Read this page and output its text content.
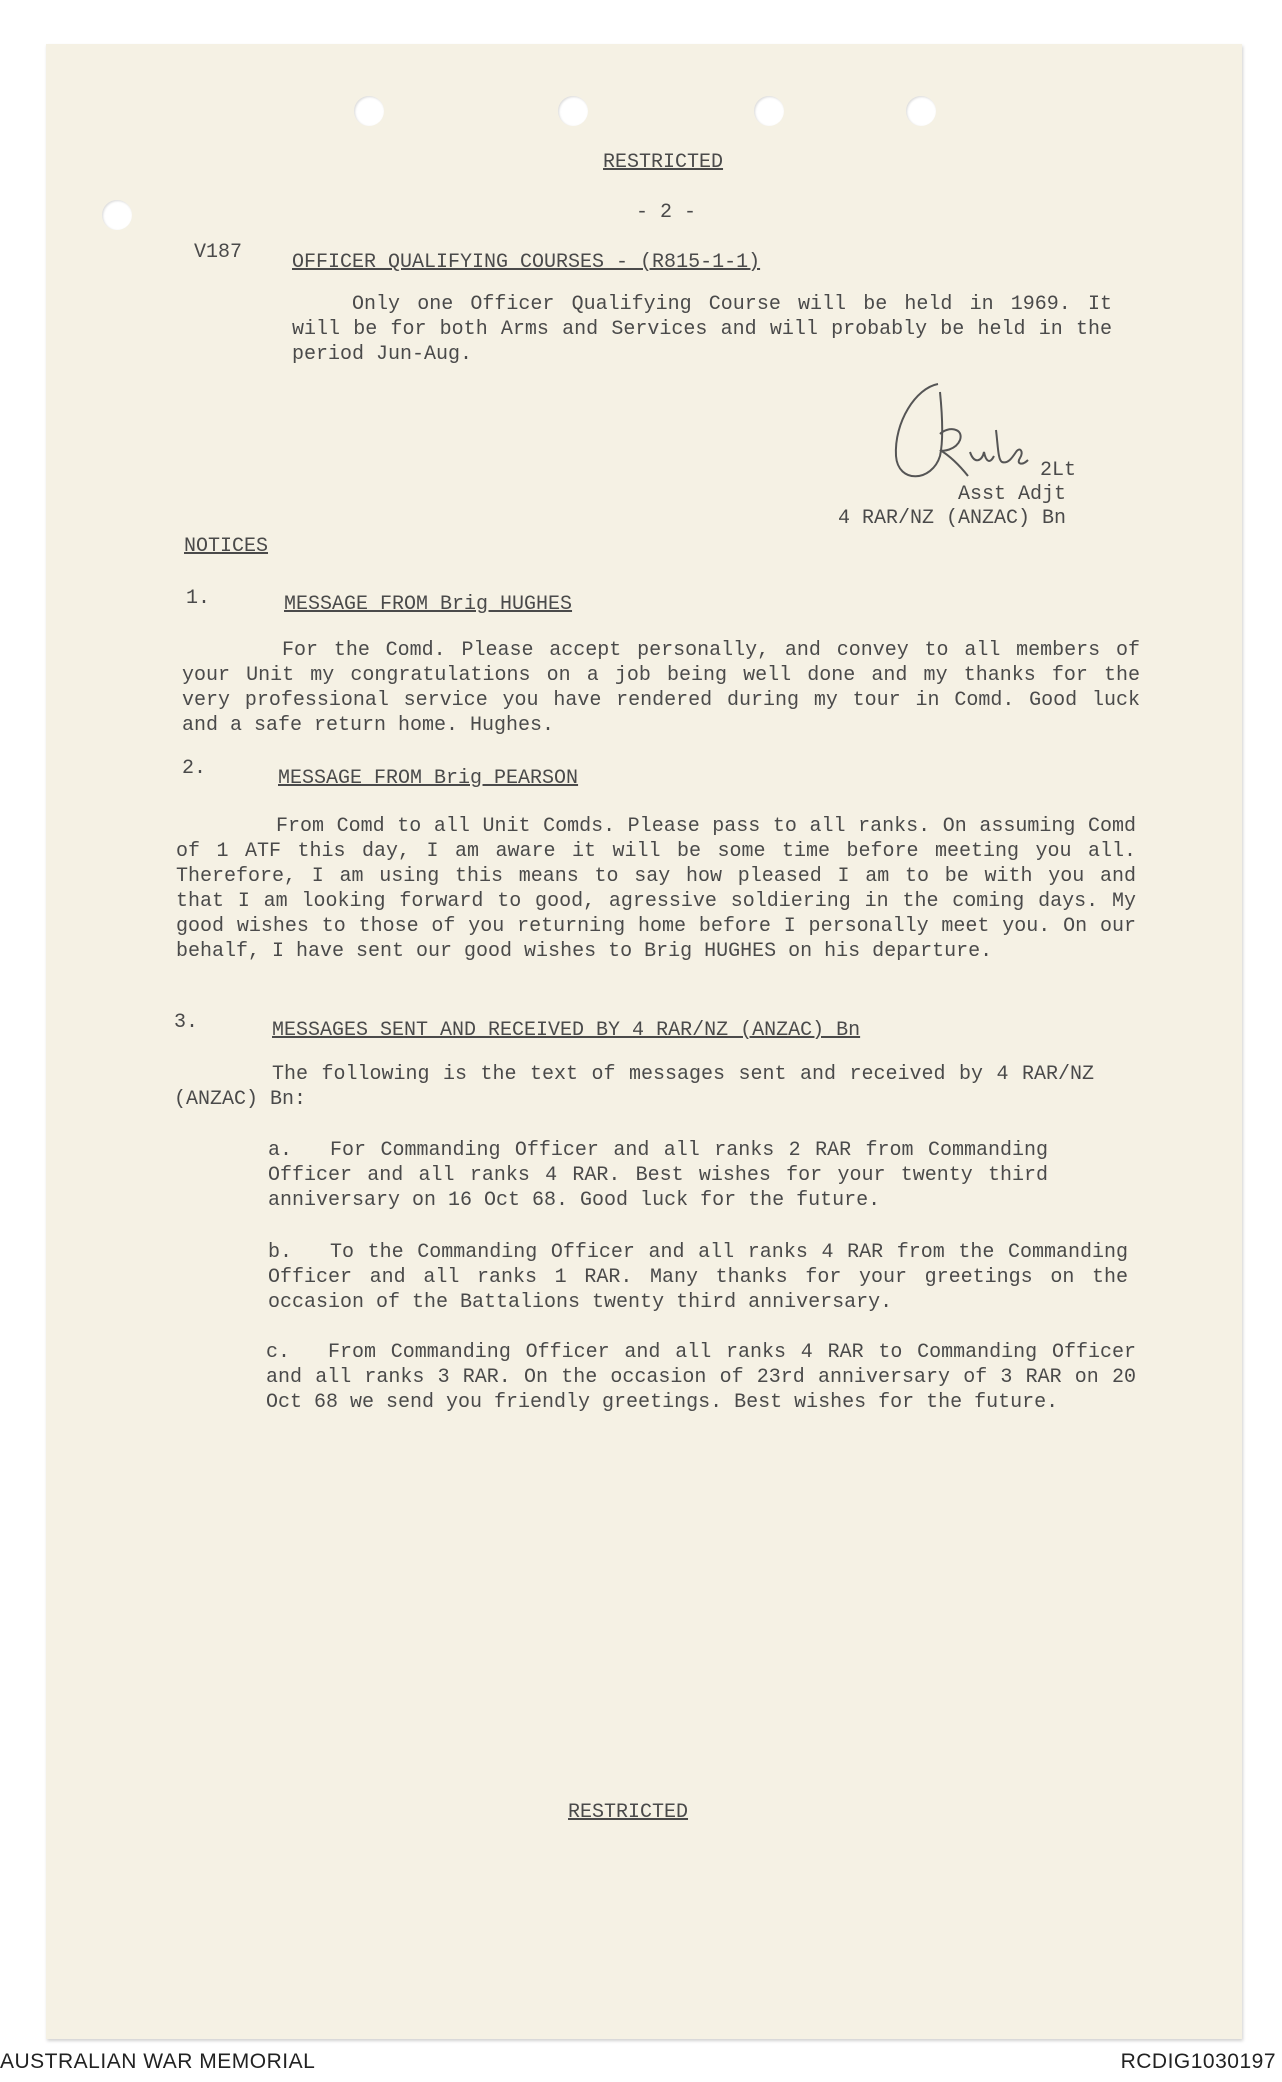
RESTRICTED

- 2 -

V187 OFFICER QUALIFYING COURSES - (R815-1-1)

Only one Officer Qualifying Course will be held in 1969. It will be for both Arms and Services and will probably be held in the period Jun-Aug.

2Lt

Asst Adjt

4 RAR/NZ (ANZAC) Bn

NOTICES

1.	MESSAGE FROM Brig HUGHES

For the Comd. Please accept personally, and convey to all members of your Unit my congratulations on a job being well done and my thanks for the very professional service you have rendered during my tour in Comd. Good luck and a safe return home. Hughes.

2.	MESSAGE FROM Brig PEARSON

From Comd to all Unit Comds. Please pass to all ranks. On assuming Comd of 1 ATF this day, I am aware it will be some time before meeting you all. Therefore, I am using this means to say how pleased I am to be with you and that I am looking forward to good, agressive soldiering in the coming days. My good wishes to those of you returning home before I personally meet you. On our behalf, I have sent our good wishes to Brig HUGHES on his departure.

3.	MESSAGES SENT AND RECEIVED BY 4 RAR/NZ (ANZAC) Bn

The following is the text of messages sent and received by 4 RAR/NZ (ANZAC) Bn:

a.	For Commanding Officer and all ranks 2 RAR from Commanding Officer and all ranks 4 RAR. Best wishes for your twenty third anniversary on 16 Oct 68. Good luck for the future.

b.	To the Commanding Officer and all ranks 4 RAR from the Commanding Officer and all ranks 1 RAR. Many thanks for your greetings on the occasion of the Battalions twenty third anniversary.

c.	From Commanding Officer and all ranks 4 RAR to Commanding Officer and all ranks 3 RAR. On the occasion of 23rd anniversary of 3 RAR on 20 Oct 68 we send you friendly greetings. Best wishes for the future.

RESTRICTED

AUSTRALIAN WAR MEMORIAL	RCDIG1030197
